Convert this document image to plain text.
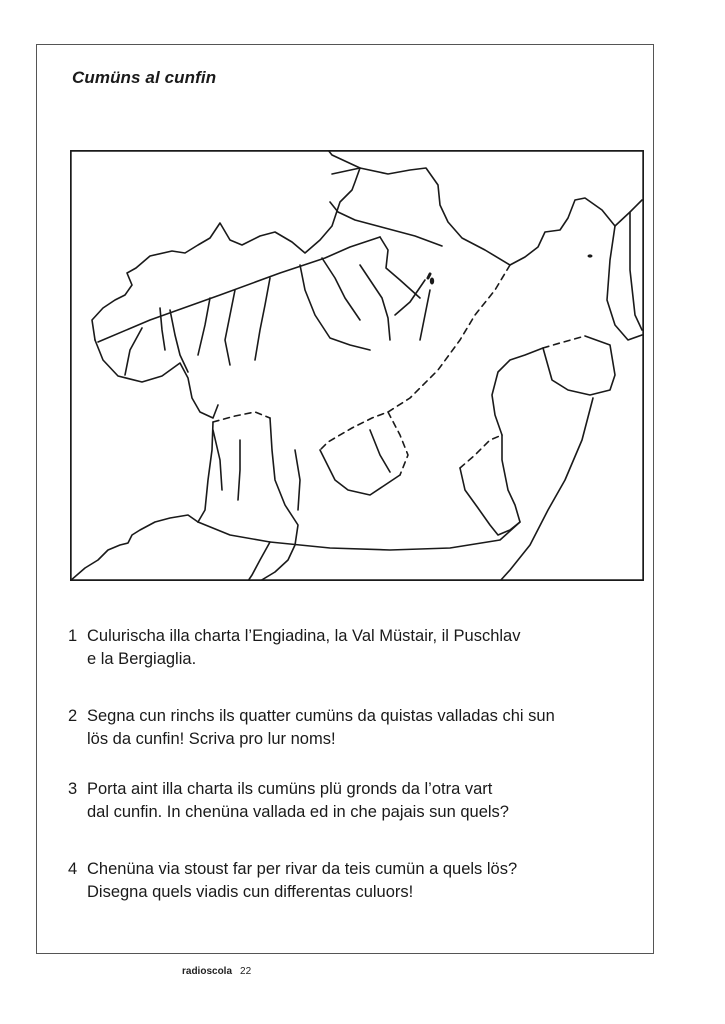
Cumüns al cunfin
1 Culurischa illa charta l’Engiadina, la Val Müstair, il Puschlav
e la Bergiaglia.
2 Segna cun rinchs ils quatter cumüns da quistas valladas chi sun
lös da cunfin! Scriva pro lur noms!
3 Porta aint illa charta ils cumüns plü gronds da l’otra vart
dal cunfin. In chenüna vallada ed in che pajais sun quels?
4 Chenüna via stoust far per rivar da teis cumün a quels lös?
Disegna quels viadis cun differentas culuors!
radioscola 22
